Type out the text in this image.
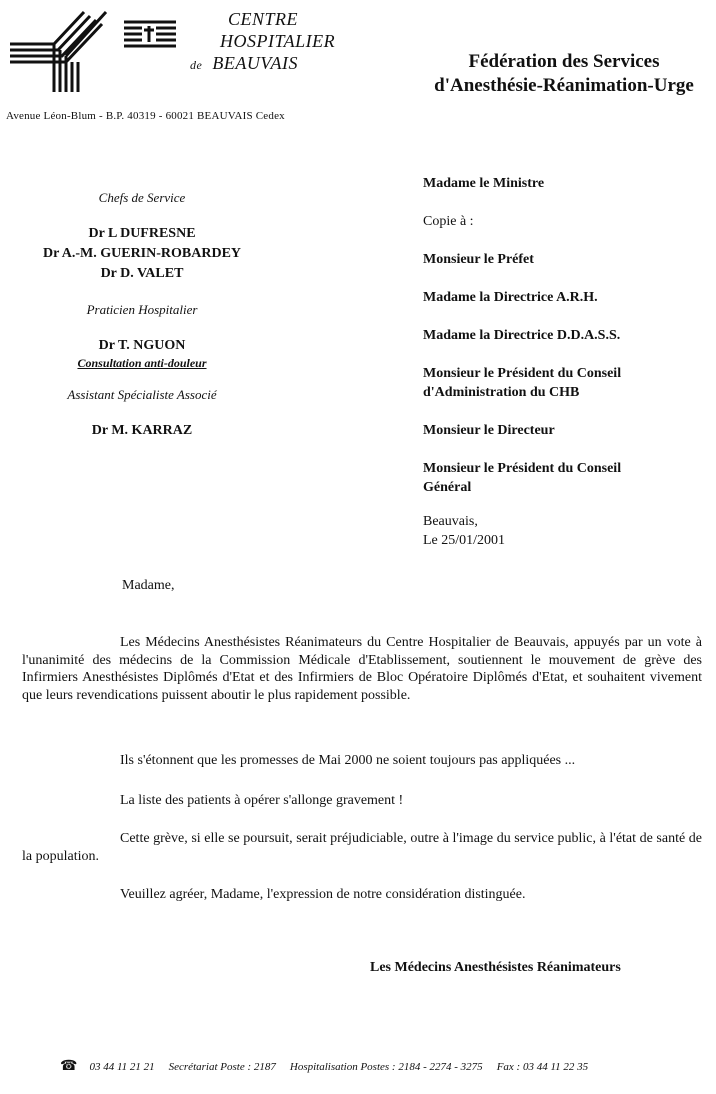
CENTRE
HOSPITALIER
de BEAUVAIS	Fédération des Services
d'Anesthésie-Réanimation-Urge
Avenue Léon-Blum - B.P. 40319 - 60021 BEAUVAIS Cedex
Chefs de Service
Dr L DUFRESNE
Dr A.-M. GUERIN-ROBARDEY
Dr D. VALET
Praticien Hospitalier
Dr T. NGUON
Consultation anti-douleur
Assistant Spécialiste Associé
Dr M. KARRAZ
Madame le Ministre
Copie à :
Monsieur le Préfet
Madame la Directrice A.R.H.
Madame la Directrice D.D.A.S.S.
Monsieur le Président du Conseil
d'Administration du CHB
Monsieur le Directeur
Monsieur le Président du Conseil
Général
Beauvais,
Le 25/01/2001
Madame,
Les Médecins Anesthésistes Réanimateurs du Centre Hospitalier de Beauvais, appuyés par un vote à l'unanimité des médecins de la Commission Médicale d'Etablissement, soutiennent le mouvement de grève des Infirmiers Anesthésistes Diplômés d'Etat et des Infirmiers de Bloc Opératoire Diplômés d'Etat, et souhaitent vivement que leurs revendications puissent aboutir le plus rapidement possible.
Ils s'étonnent que les promesses de Mai 2000 ne soient toujours pas appliquées ...
La liste des patients à opérer s'allonge gravement !
Cette grève, si elle se poursuit, serait préjudiciable, outre à l'image du service public, à l'état de santé de la population.
Veuillez agréer, Madame, l'expression de notre considération distinguée.
Les Médecins Anesthésistes Réanimateurs
☎ 03 44 11 21 21 Secrétariat Poste : 2187 Hospitalisation Postes : 2184 - 2274 - 3275 Fax : 03 44 11 22 35
